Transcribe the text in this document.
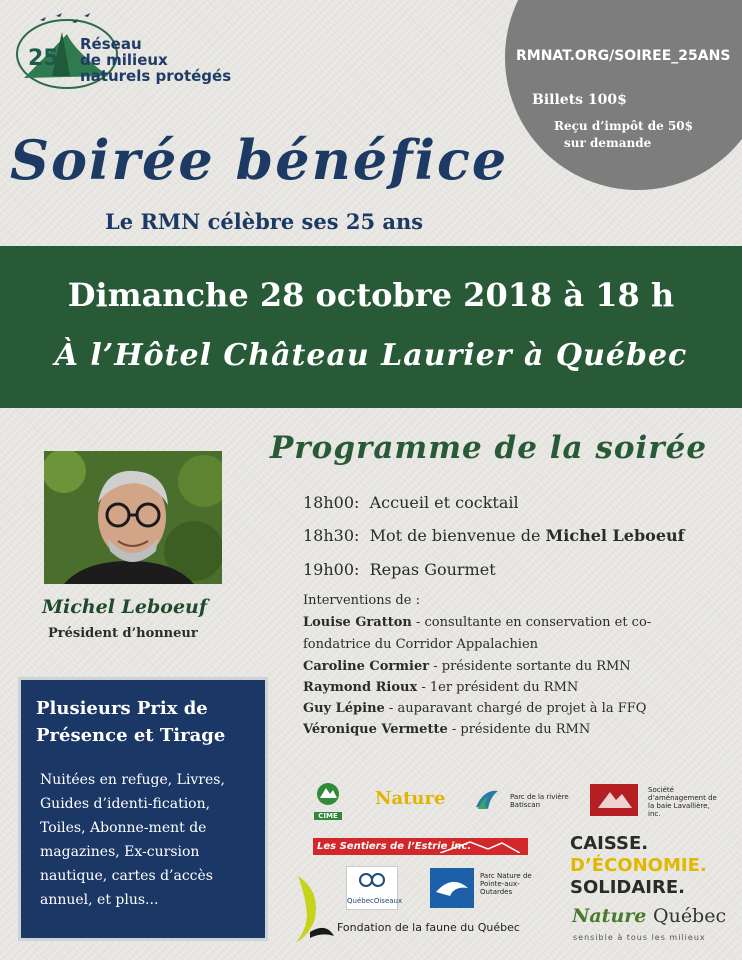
25
Réseau
de milieux
naturels protégés
RMNAT.ORG/SOIREE_25ANS
Billets 100$
Reçu d’impôt de 50$
sur demande
Soirée bénéfice
Le RMN célèbre ses 25 ans
Dimanche 28 octobre 2018 à 18 h
À l’Hôtel Château Laurier à Québec
Michel Leboeuf
Président d’honneur
Programme de la soirée
18h00: Accueil et cocktail
18h30: Mot de bienvenue de Michel Leboeuf
19h00: Repas Gourmet
Interventions de :
Louise Gratton - consultante en conservation et co-
fondatrice du Corridor Appalachien
Caroline Cormier - présidente sortante du RMN
Raymond Rioux - 1er président du RMN
Guy Lépine - auparavant chargé de projet à la FFQ
Véronique Vermette - présidente du RMN
Plusieurs Prix de Présence et Tirage
Nuitées en refuge, Livres, Guides d’identi-fication, Toiles, Abonne-ment de magazines, Ex-cursion nautique, cartes d’accès annuel, et plus...
CIME
Nature	Parc de la rivière Batiscan
Société d’aménagement de la baie Lavallière, inc.
Les Sentiers de l’Estrie inc.	CAISSE.
D’ÉCONOMIE.
SOLIDAIRE.
Fondation de la faune du Québec
QuébecOiseaux
Parc Nature de Pointe-aux-Outardes
Nature Québec
sensible à tous les milieux
